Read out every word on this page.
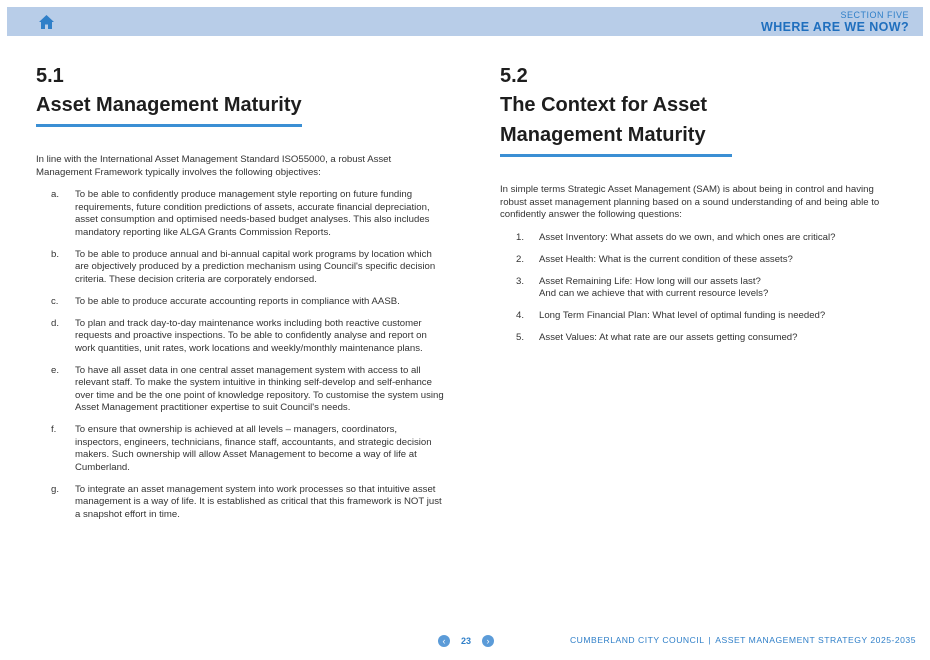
SECTION FIVE
WHERE ARE WE NOW?

5.1

Asset Management Maturity

In line with the International Asset Management Standard ISO55000, a robust Asset Management Framework typically involves the following objectives:

a. To be able to confidently produce management style reporting on future funding requirements, future condition predictions of assets, accurate financial depreciation, asset consumption and optimised needs-based budget analyses. This also includes mandatory reporting like ALGA Grants Commission Reports.
b. To be able to produce annual and bi-annual capital work programs by location which are objectively produced by a prediction mechanism using Council's specific decision criteria. These decision criteria are corporately endorsed.
c. To be able to produce accurate accounting reports in compliance with AASB.
d. To plan and track day-to-day maintenance works including both reactive customer requests and proactive inspections. To be able to confidently analyse and report on work quantities, unit rates, work locations and weekly/monthly maintenance plans.
e. To have all asset data in one central asset management system with access to all relevant staff. To make the system intuitive in thinking self-develop and self-enhance over time and be the one point of knowledge repository. To customise the system using Asset Management practitioner expertise to suit Council's needs.
f. To ensure that ownership is achieved at all levels – managers, coordinators, inspectors, engineers, technicians, finance staff, accountants, and strategic decision makers. Such ownership will allow Asset Management to become a way of life at Cumberland.
g. To integrate an asset management system into work processes so that intuitive asset management is a way of life. It is established as critical that this framework is NOT just a snapshot effort in time.

5.2

The Context for Asset Management Maturity

In simple terms Strategic Asset Management (SAM) is about being in control and having robust asset management planning based on a sound understanding of and being able to confidently answer the following questions:

1. Asset Inventory: What assets do we own, and which ones are critical?
2. Asset Health: What is the current condition of these assets?
3. Asset Remaining Life: How long will our assets last?
And can we achieve that with current resource levels?
4. Long Term Financial Plan: What level of optimal funding is needed?
5. Asset Values: At what rate are our assets getting consumed?
‹	23	›	CUMBERLAND CITY COUNCIL | ASSET MANAGEMENT STRATEGY 2025-2035
